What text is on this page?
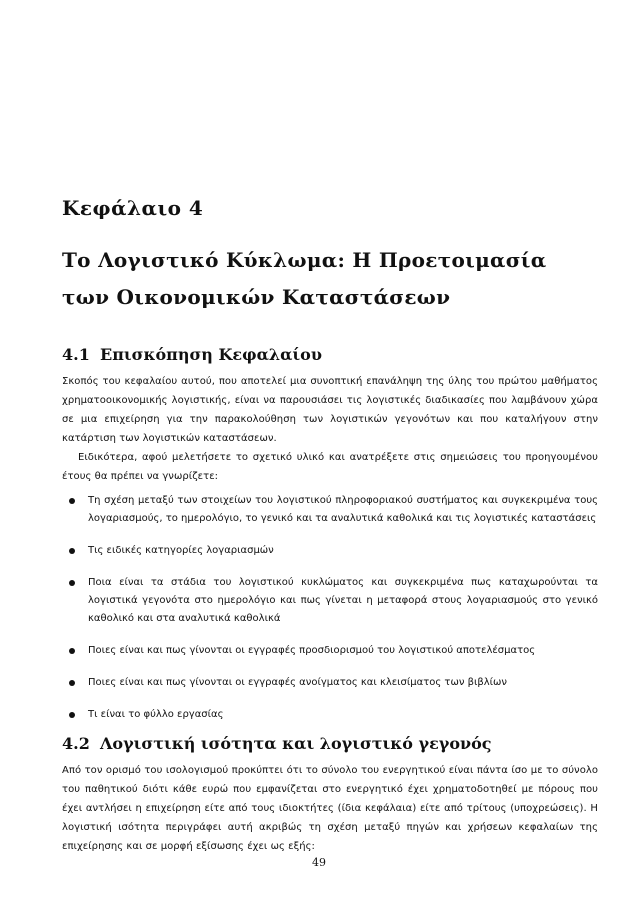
Κεφάλαιο 4
Το Λογιστικό Κύκλωμα: Η Προετοιμασία
των Οικονομικών Καταστάσεων
4.1 Επισκόπηση Κεφαλαίου
Σκοπός του κεφαλαίου αυτού, που αποτελεί μια συνοπτική επανάληψη της ύλης του πρώτου μαθήματος χρηματοοικονομικής λογιστικής, είναι να παρουσιάσει τις λογιστικές διαδικασίες που λαμβάνουν χώρα σε μια επιχείρηση για την παρακολούθηση των λογιστικών γεγονότων και που καταλήγουν στην κατάρτιση των λογιστικών καταστάσεων.
Ειδικότερα, αφού μελετήσετε το σχετικό υλικό και ανατρέξετε στις σημειώσεις του προηγουμένου έτους θα πρέπει να γνωρίζετε:
Τη σχέση μεταξύ των στοιχείων του λογιστικού πληροφοριακού συστήματος και συγκεκριμένα τους λογαριασμούς, το ημερολόγιο, το γενικό και τα αναλυτικά καθολικά και τις λογιστικές καταστάσεις
Τις ειδικές κατηγορίες λογαριασμών
Ποια είναι τα στάδια του λογιστικού κυκλώματος και συγκεκριμένα πως καταχωρούνται τα λογιστικά γεγονότα στο ημερολόγιο και πως γίνεται η μεταφορά στους λογαριασμούς στο γενικό καθολικό και στα αναλυτικά καθολικά
Ποιες είναι και πως γίνονται οι εγγραφές προσδιορισμού του λογιστικού αποτελέσματος
Ποιες είναι και πως γίνονται οι εγγραφές ανοίγματος και κλεισίματος των βιβλίων
Τι είναι το φύλλο εργασίας
4.2 Λογιστική ισότητα και λογιστικό γεγονός
Από τον ορισμό του ισολογισμού προκύπτει ότι το σύνολο του ενεργητικού είναι πάντα ίσο με το σύνολο του παθητικού διότι κάθε ευρώ που εμφανίζεται στο ενεργητικό έχει χρηματοδοτηθεί με πόρους που έχει αντλήσει η επιχείρηση είτε από τους ιδιοκτήτες (ίδια κεφάλαια) είτε από τρίτους (υποχρεώσεις). Η λογιστική ισότητα περιγράφει αυτή ακριβώς τη σχέση μεταξύ πηγών και χρήσεων κεφαλαίων της επιχείρησης και σε μορφή εξίσωσης έχει ως εξής:
49
